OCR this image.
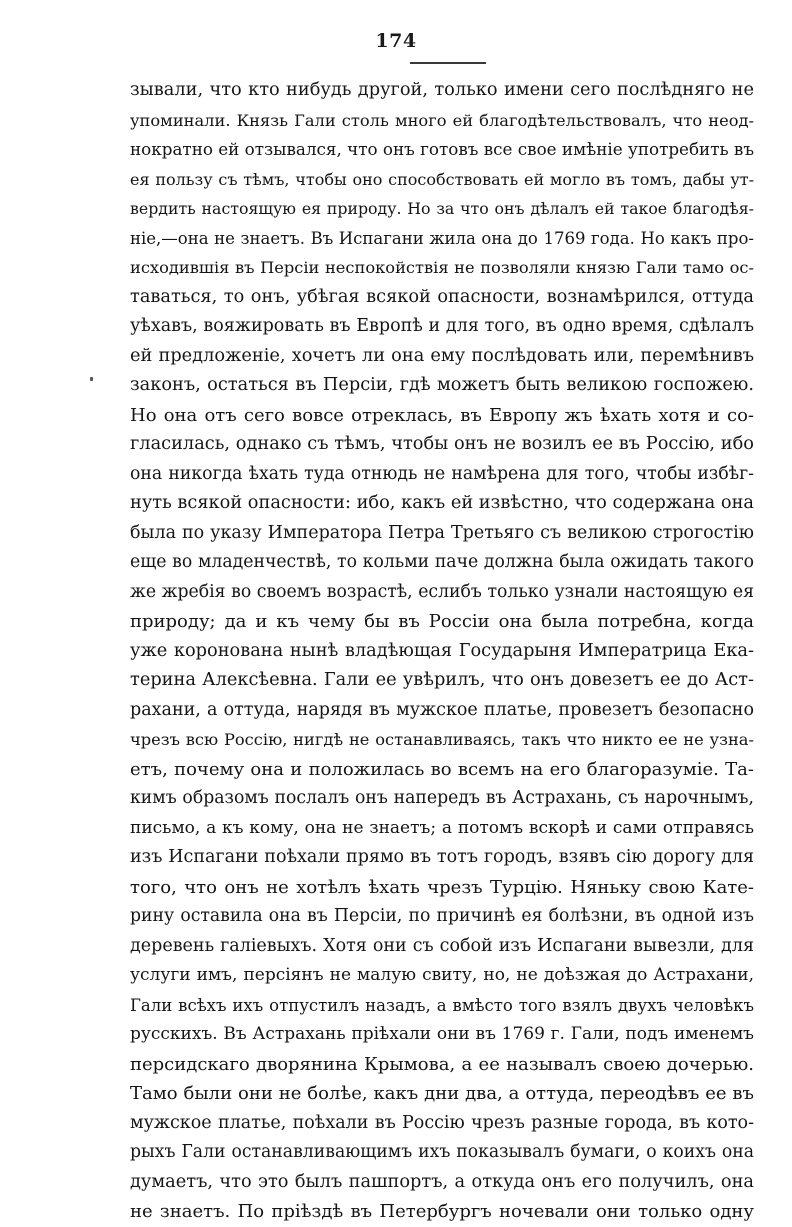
174
зывали, что кто нибудь другой, только имени сего послѣдняго не
упоминали. Князь Гали столь много ей благодѣтельствовалъ, что неод-
нократно ей отзывался, что онъ готовъ все свое имѣніе употребить въ
ея пользу съ тѣмъ, чтобы оно способствовать ей могло въ томъ, дабы ут-
вердить настоящую ея природу. Но за что онъ дѣлалъ ей такое благодѣя-
ніе,—она не знаетъ. Въ Испагани жила она до 1769 года. Но какъ про-
исходившія въ Персіи неспокойствія не позволяли князю Гали тамо ос-
таваться, то онъ, убѣгая всякой опасности, вознамѣрился, оттуда
уѣхавъ, вояжировать въ Европѣ и для того, въ одно время, сдѣлалъ
ей предложеніе, хочетъ ли она ему послѣдовать или, перемѣнивъ
законъ, остаться въ Персіи, гдѣ можетъ быть великою госпожею.
Но она отъ сего вовсе отреклась, въ Европу жъ ѣхать хотя и со-
гласилась, однако съ тѣмъ, чтобы онъ не возилъ ее въ Россію, ибо
она никогда ѣхать туда отнюдь не намѣрена для того, чтобы избѣг-
нуть всякой опасности: ибо, какъ ей извѣстно, что содержана она
была по указу Императора Петра Третьяго съ великою строгостію
еще во младенчествѣ, то кольми паче должна была ожидать такого
же жребія во своемъ возрастѣ, еслибъ только узнали настоящую ея
природу; да и къ чему бы въ Россіи она была потребна, когда
уже коронована нынѣ владѣющая Государыня Императрица Ека-
терина Алексѣевна. Гали ее увѣрилъ, что онъ довезетъ ее до Аст-
рахани, а оттуда, нарядя въ мужское платье, провезетъ безопасно
чрезъ всю Россію, нигдѣ не останавливаясь, такъ что никто ее не узна-
етъ, почему она и положилась во всемъ на его благоразуміе. Та-
кимъ образомъ послалъ онъ напередъ въ Астрахань, съ нарочнымъ,
письмо, а къ кому, она не знаетъ; а потомъ вскорѣ и сами отправясь
изъ Испагани поѣхали прямо въ тотъ городъ, взявъ сію дорогу для
того, что онъ не хотѣлъ ѣхать чрезъ Турцію. Няньку свою Кате-
рину оставила она въ Персіи, по причинѣ ея болѣзни, въ одной изъ
деревень галіевыхъ. Хотя они съ собой изъ Испагани вывезли, для
услуги имъ, персіянъ не малую свиту, но, не доѣзжая до Астрахани,
Гали всѣхъ ихъ отпустилъ назадъ, а вмѣсто того взялъ двухъ человѣкъ
русскихъ. Въ Астрахань пріѣхали они въ 1769 г. Гали, подъ именемъ
персидскаго дворянина Крымова, а ее называлъ своею дочерью.
Тамо были они не болѣе, какъ дни два, а оттуда, переодѣвъ ее въ
мужское платье, поѣхали въ Россію чрезъ разные города, въ кото-
рыхъ Гали останавливающимъ ихъ показывалъ бумаги, о коихъ она
думаетъ, что это былъ пашпортъ, а откуда онъ его получилъ, она
не знаетъ. По пріѣздѣ въ Петербургъ ночевали они только одну
